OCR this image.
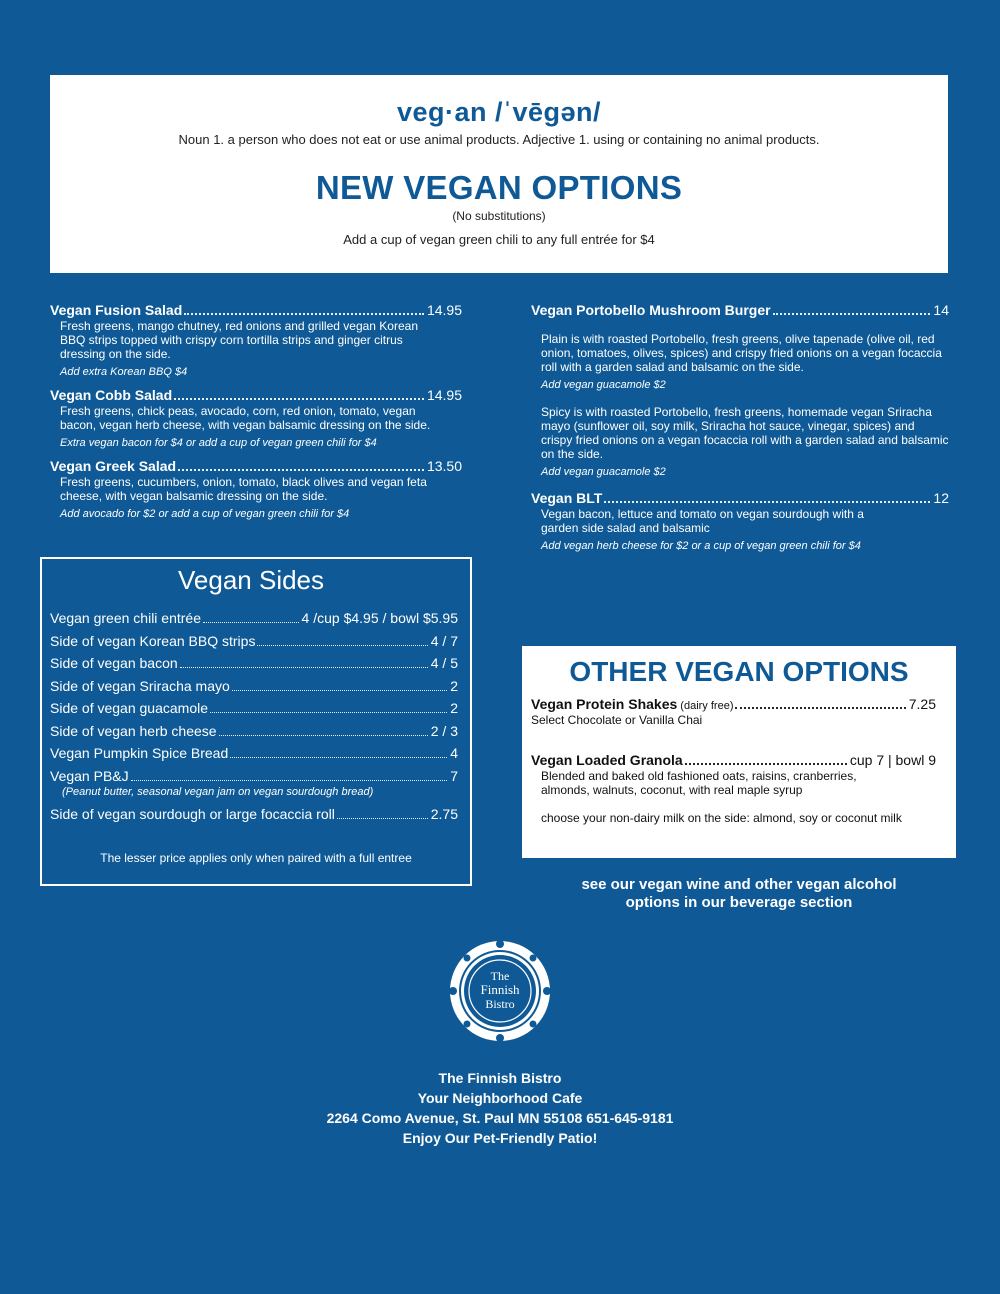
veg·an /ˈvēgən/
Noun 1. a person who does not eat or use animal products. Adjective 1. using or containing no animal products.
NEW VEGAN OPTIONS
(No substitutions)
Add a cup of vegan green chili to any full entrée for $4
Vegan Fusion Salad	14.95
Fresh greens, mango chutney, red onions and grilled vegan Korean BBQ strips topped with crispy corn tortilla strips and ginger citrus dressing on the side.
Add extra Korean BBQ $4
Vegan Cobb Salad	14.95
Fresh greens, chick peas, avocado, corn, red onion, tomato, vegan bacon, vegan herb cheese, with vegan balsamic dressing on the side.
Extra vegan bacon for $4 or add a cup of vegan green chili for $4
Vegan Greek Salad	13.50
Fresh greens, cucumbers, onion, tomato, black olives and vegan feta cheese, with vegan balsamic dressing on the side.
Add avocado for $2 or add a cup of vegan green chili for $4
Vegan Portobello Mushroom Burger	14
Plain is with roasted Portobello, fresh greens, olive tapenade (olive oil, red onion, tomatoes, olives, spices) and crispy fried onions on a vegan focaccia roll with a garden salad and balsamic on the side.
Add vegan guacamole $2
Spicy is with roasted Portobello, fresh greens, homemade vegan Sriracha mayo (sunflower oil, soy milk, Sriracha hot sauce, vinegar, spices) and crispy fried onions on a vegan focaccia roll with a garden salad and balsamic on the side.
Add vegan guacamole $2
Vegan BLT	12
Vegan bacon, lettuce and tomato on vegan sourdough with a garden side salad and balsamic
Add vegan herb cheese for $2 or a cup of vegan green chili for $4
Vegan Sides
Vegan green chili entrée	4 /cup $4.95 / bowl $5.95
Side of vegan Korean BBQ strips	4 / 7
Side of vegan bacon	4 / 5
Side of vegan Sriracha mayo	2
Side of vegan guacamole	2
Side of vegan herb cheese	2 / 3
Vegan Pumpkin Spice Bread	4
Vegan PB&J	7
(Peanut butter, seasonal vegan jam on vegan sourdough bread)
Side of vegan sourdough or large focaccia roll	2.75
The lesser price applies only when paired with a full entree
OTHER VEGAN OPTIONS
Vegan Protein Shakes (dairy free)	7.25
Select Chocolate or Vanilla Chai
Vegan Loaded Granola	cup 7 | bowl 9
Blended and baked old fashioned oats, raisins, cranberries, almonds, walnuts, coconut, with real maple syrup
choose your non-dairy milk on the side: almond, soy or coconut milk
see our vegan wine and other vegan alcohol
options in our beverage section
The
Finnish
Bistro
The Finnish Bistro
Your Neighborhood Cafe
2264 Como Avenue, St. Paul MN 55108 651-645-9181
Enjoy Our Pet-Friendly Patio!
